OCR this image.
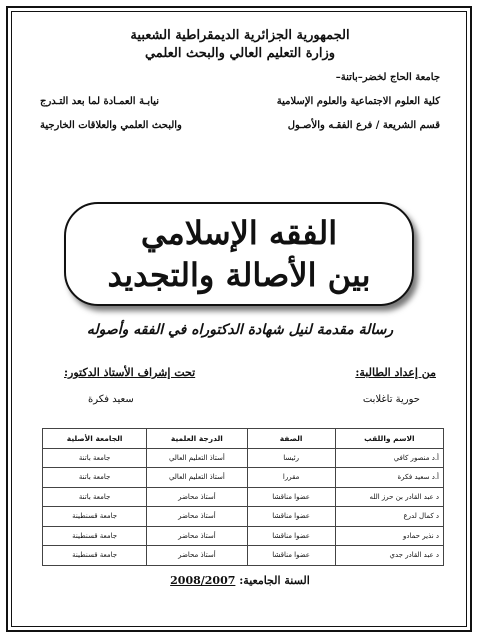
الجمهورية الجزائرية الديمقراطية الشعبية
وزارة التعليم العالي والبحث العلمي
جامعة الحاج لخضر–باتنة–
كلية العلوم الاجتماعية والعلوم الإسلامية
قسم الشريعة / فرع الفقـه والأصـول
نيابـة العمـادة لما بعد التـدرج
والبحث العلمي والعلاقات الخارجية
الفقه الإسلامي
بين الأصالة والتجديد
رسالة مقدمة لنيل شهادة الدكتوراه في الفقه وأصوله
من إعداد الطالبة:
حورية تاغلابت
تحت إشراف الأستاذ الدكتور:
سعيد فكرة
الاسم واللقب	الصفة	الدرجة العلمية	الجامعة الأصلية
أ.د منصور كافي	رئيسا	أستاذ التعليم العالي	جامعة باتنة
أ.د سعيد فكرة	مقررا	أستاذ التعليم العالي	جامعة باتنة
د عبد القادر بن حرز الله	عضوا مناقشا	أستاذ محاضر	جامعة باتنة
د كمال لدرع	عضوا مناقشا	أستاذ محاضر	جامعة قسنطينة
د نذير حمادو	عضوا مناقشا	أستاذ محاضر	جامعة قسنطينة
د عبد القادر جدي	عضوا مناقشا	أستاذ محاضر	جامعة قسنطينة
السنة الجامعية: 2008/2007
